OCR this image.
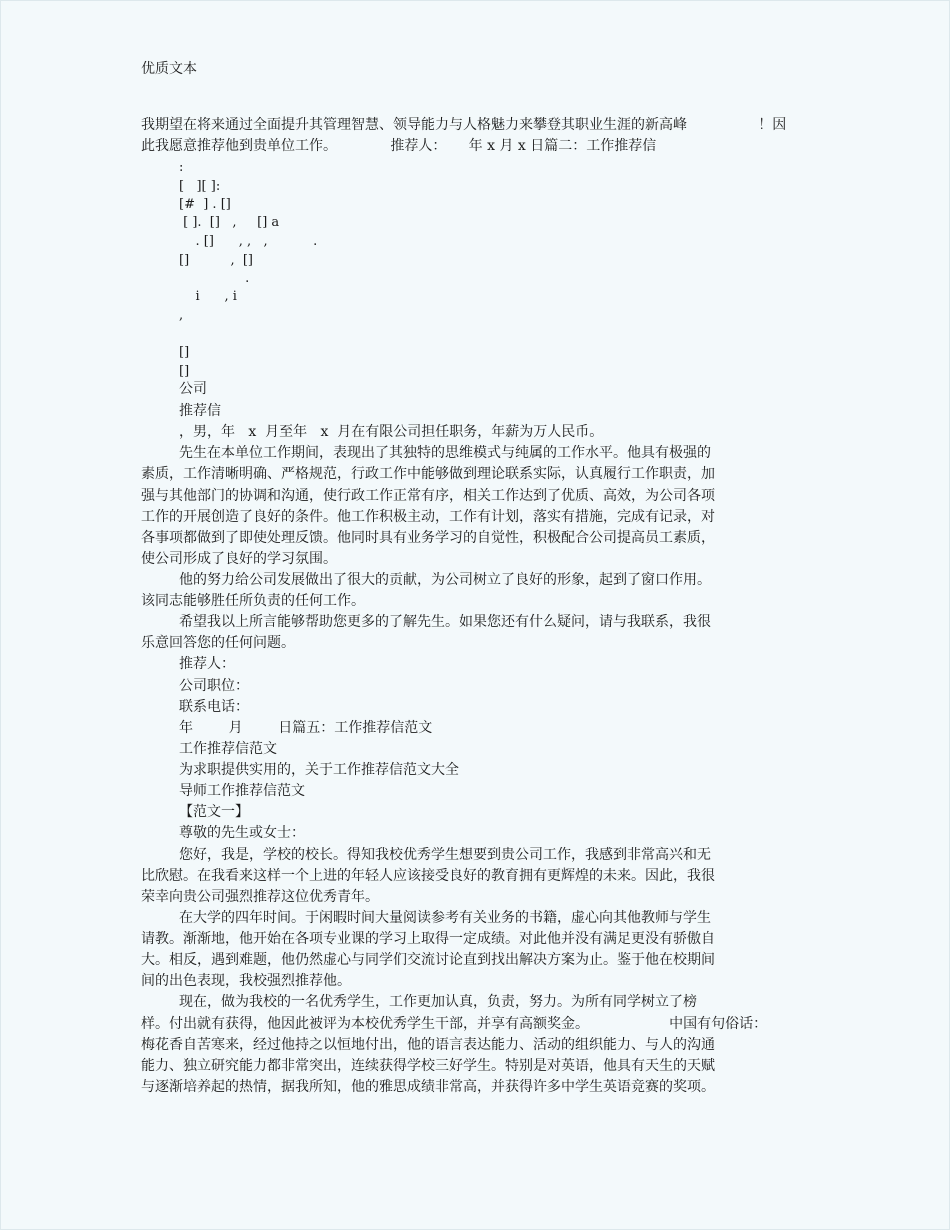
优质文本
我期望在将来通过全面提升其管理智慧、领导能力与人格魅力来攀登其职业生涯的新高峰                ！因
此我愿意推荐他到贵单位工作。            推荐人：     年 x 月 x 日篇二：工作推荐信
:
[   ][ ]:
[#  ] . []
[ ].  []   ,     [] a
. []      , ,   ,           .
[]          ,  []
.
i      , i
,
[]
[]
公司
推荐信
，男，年   x  月至年   x  月在有限公司担任职务，年薪为万人民币。
先生在本单位工作期间，表现出了其独特的思维模式与纯属的工作水平。他具有极强的
素质，工作清晰明确、严格规范，行政工作中能够做到理论联系实际，认真履行工作职责，加
强与其他部门的协调和沟通，使行政工作正常有序，相关工作达到了优质、高效，为公司各项
工作的开展创造了良好的条件。他工作积极主动，工作有计划，落实有措施，完成有记录，对
各事项都做到了即使处理反馈。他同时具有业务学习的自觉性，积极配合公司提高员工素质，
使公司形成了良好的学习氛围。
他的努力给公司发展做出了很大的贡献，为公司树立了良好的形象，起到了窗口作用。
该同志能够胜任所负责的任何工作。
希望我以上所言能够帮助您更多的了解先生。如果您还有什么疑问，请与我联系，我很
乐意回答您的任何问题。
推荐人：
公司职位：
联系电话：
年        月        日篇五：工作推荐信范文
工作推荐信范文
为求职提供实用的，关于工作推荐信范文大全
导师工作推荐信范文
【范文一】
尊敬的先生或女士：
您好，我是，学校的校长。得知我校优秀学生想要到贵公司工作，我感到非常高兴和无
比欣慰。在我看来这样一个上进的年轻人应该接受良好的教育拥有更辉煌的未来。因此，我很
荣幸向贵公司强烈推荐这位优秀青年。
在大学的四年时间。于闲暇时间大量阅读参考有关业务的书籍，虚心向其他教师与学生
请教。渐渐地，他开始在各项专业课的学习上取得一定成绩。对此他并没有满足更没有骄傲自
大。相反，遇到难题，他仍然虚心与同学们交流讨论直到找出解决方案为止。鉴于他在校期间
间的出色表现，我校强烈推荐他。
现在，做为我校的一名优秀学生，工作更加认真，负责，努力。为所有同学树立了榜
样。付出就有获得，他因此被评为本校优秀学生干部，并享有高额奖金。                  中国有句俗话：
梅花香自苦寒来，经过他持之以恒地付出，他的语言表达能力、活动的组织能力、与人的沟通
能力、独立研究能力都非常突出，连续获得学校三好学生。特别是对英语，他具有天生的天赋
与逐渐培养起的热情，据我所知，他的雅思成绩非常高，并获得许多中学生英语竞赛的奖项。
